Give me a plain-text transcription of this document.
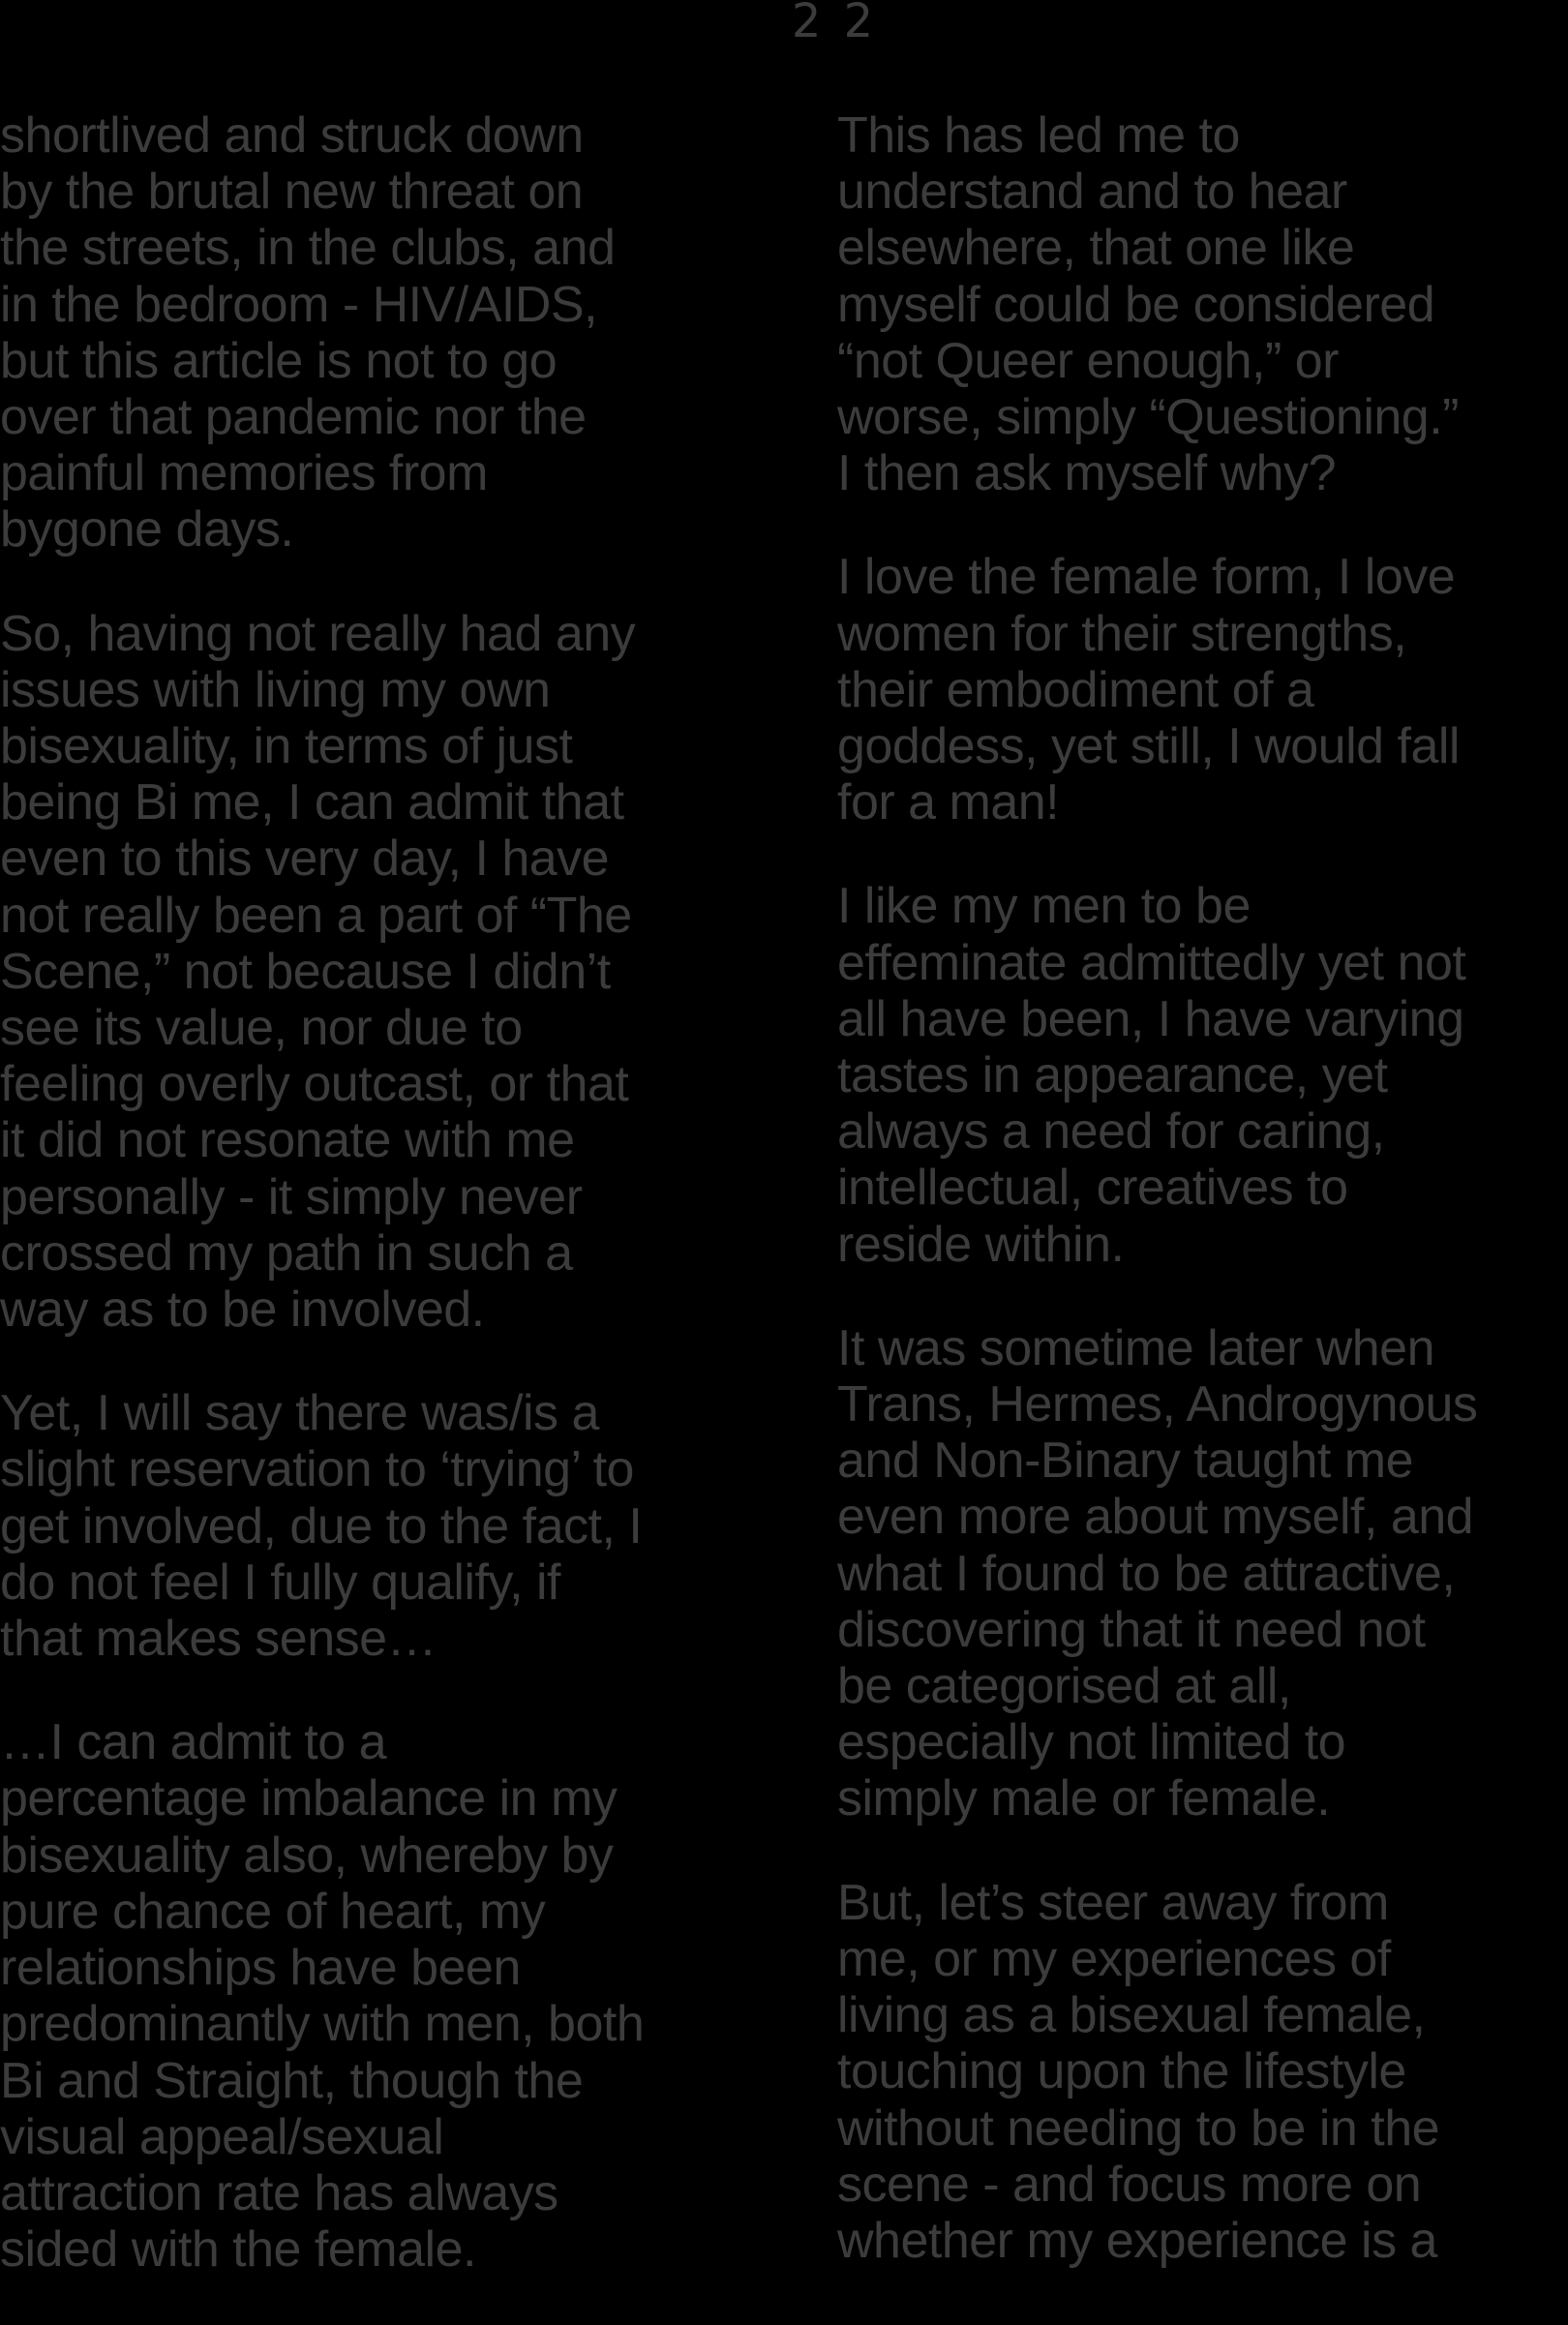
2 2

shortlived and struck down
by the brutal new threat on
the streets, in the clubs, and
in the bedroom - HIV/AIDS,
but this article is not to go
over that pandemic nor the
painful memories from
bygone days.

So, having not really had any
issues with living my own
bisexuality, in terms of just
being Bi me, I can admit that
even to this very day, I have
not really been a part of “The
Scene,” not because I didn’t
see its value, nor due to
feeling overly outcast, or that
it did not resonate with me
personally - it simply never
crossed my path in such a
way as to be involved.

Yet, I will say there was/is a
slight reservation to ‘trying’ to
get involved, due to the fact, I
do not feel I fully qualify, if
that makes sense…

…I can admit to a
percentage imbalance in my
bisexuality also, whereby by
pure chance of heart, my
relationships have been
predominantly with men, both
Bi and Straight, though the
visual appeal/sexual
attraction rate has always
sided with the female.

This has led me to
understand and to hear
elsewhere, that one like
myself could be considered
“not Queer enough,” or
worse, simply “Questioning.”
I then ask myself why?

I love the female form, I love
women for their strengths,
their embodiment of a
goddess, yet still, I would fall
for a man!

I like my men to be
effeminate admittedly yet not
all have been, I have varying
tastes in appearance, yet
always a need for caring,
intellectual, creatives to
reside within.

It was sometime later when
Trans, Hermes, Androgynous
and Non-Binary taught me
even more about myself, and
what I found to be attractive,
discovering that it need not
be categorised at all,
especially not limited to
simply male or female.

But, let’s steer away from
me, or my experiences of
living as a bisexual female,
touching upon the lifestyle
without needing to be in the
scene - and focus more on
whether my experience is a
